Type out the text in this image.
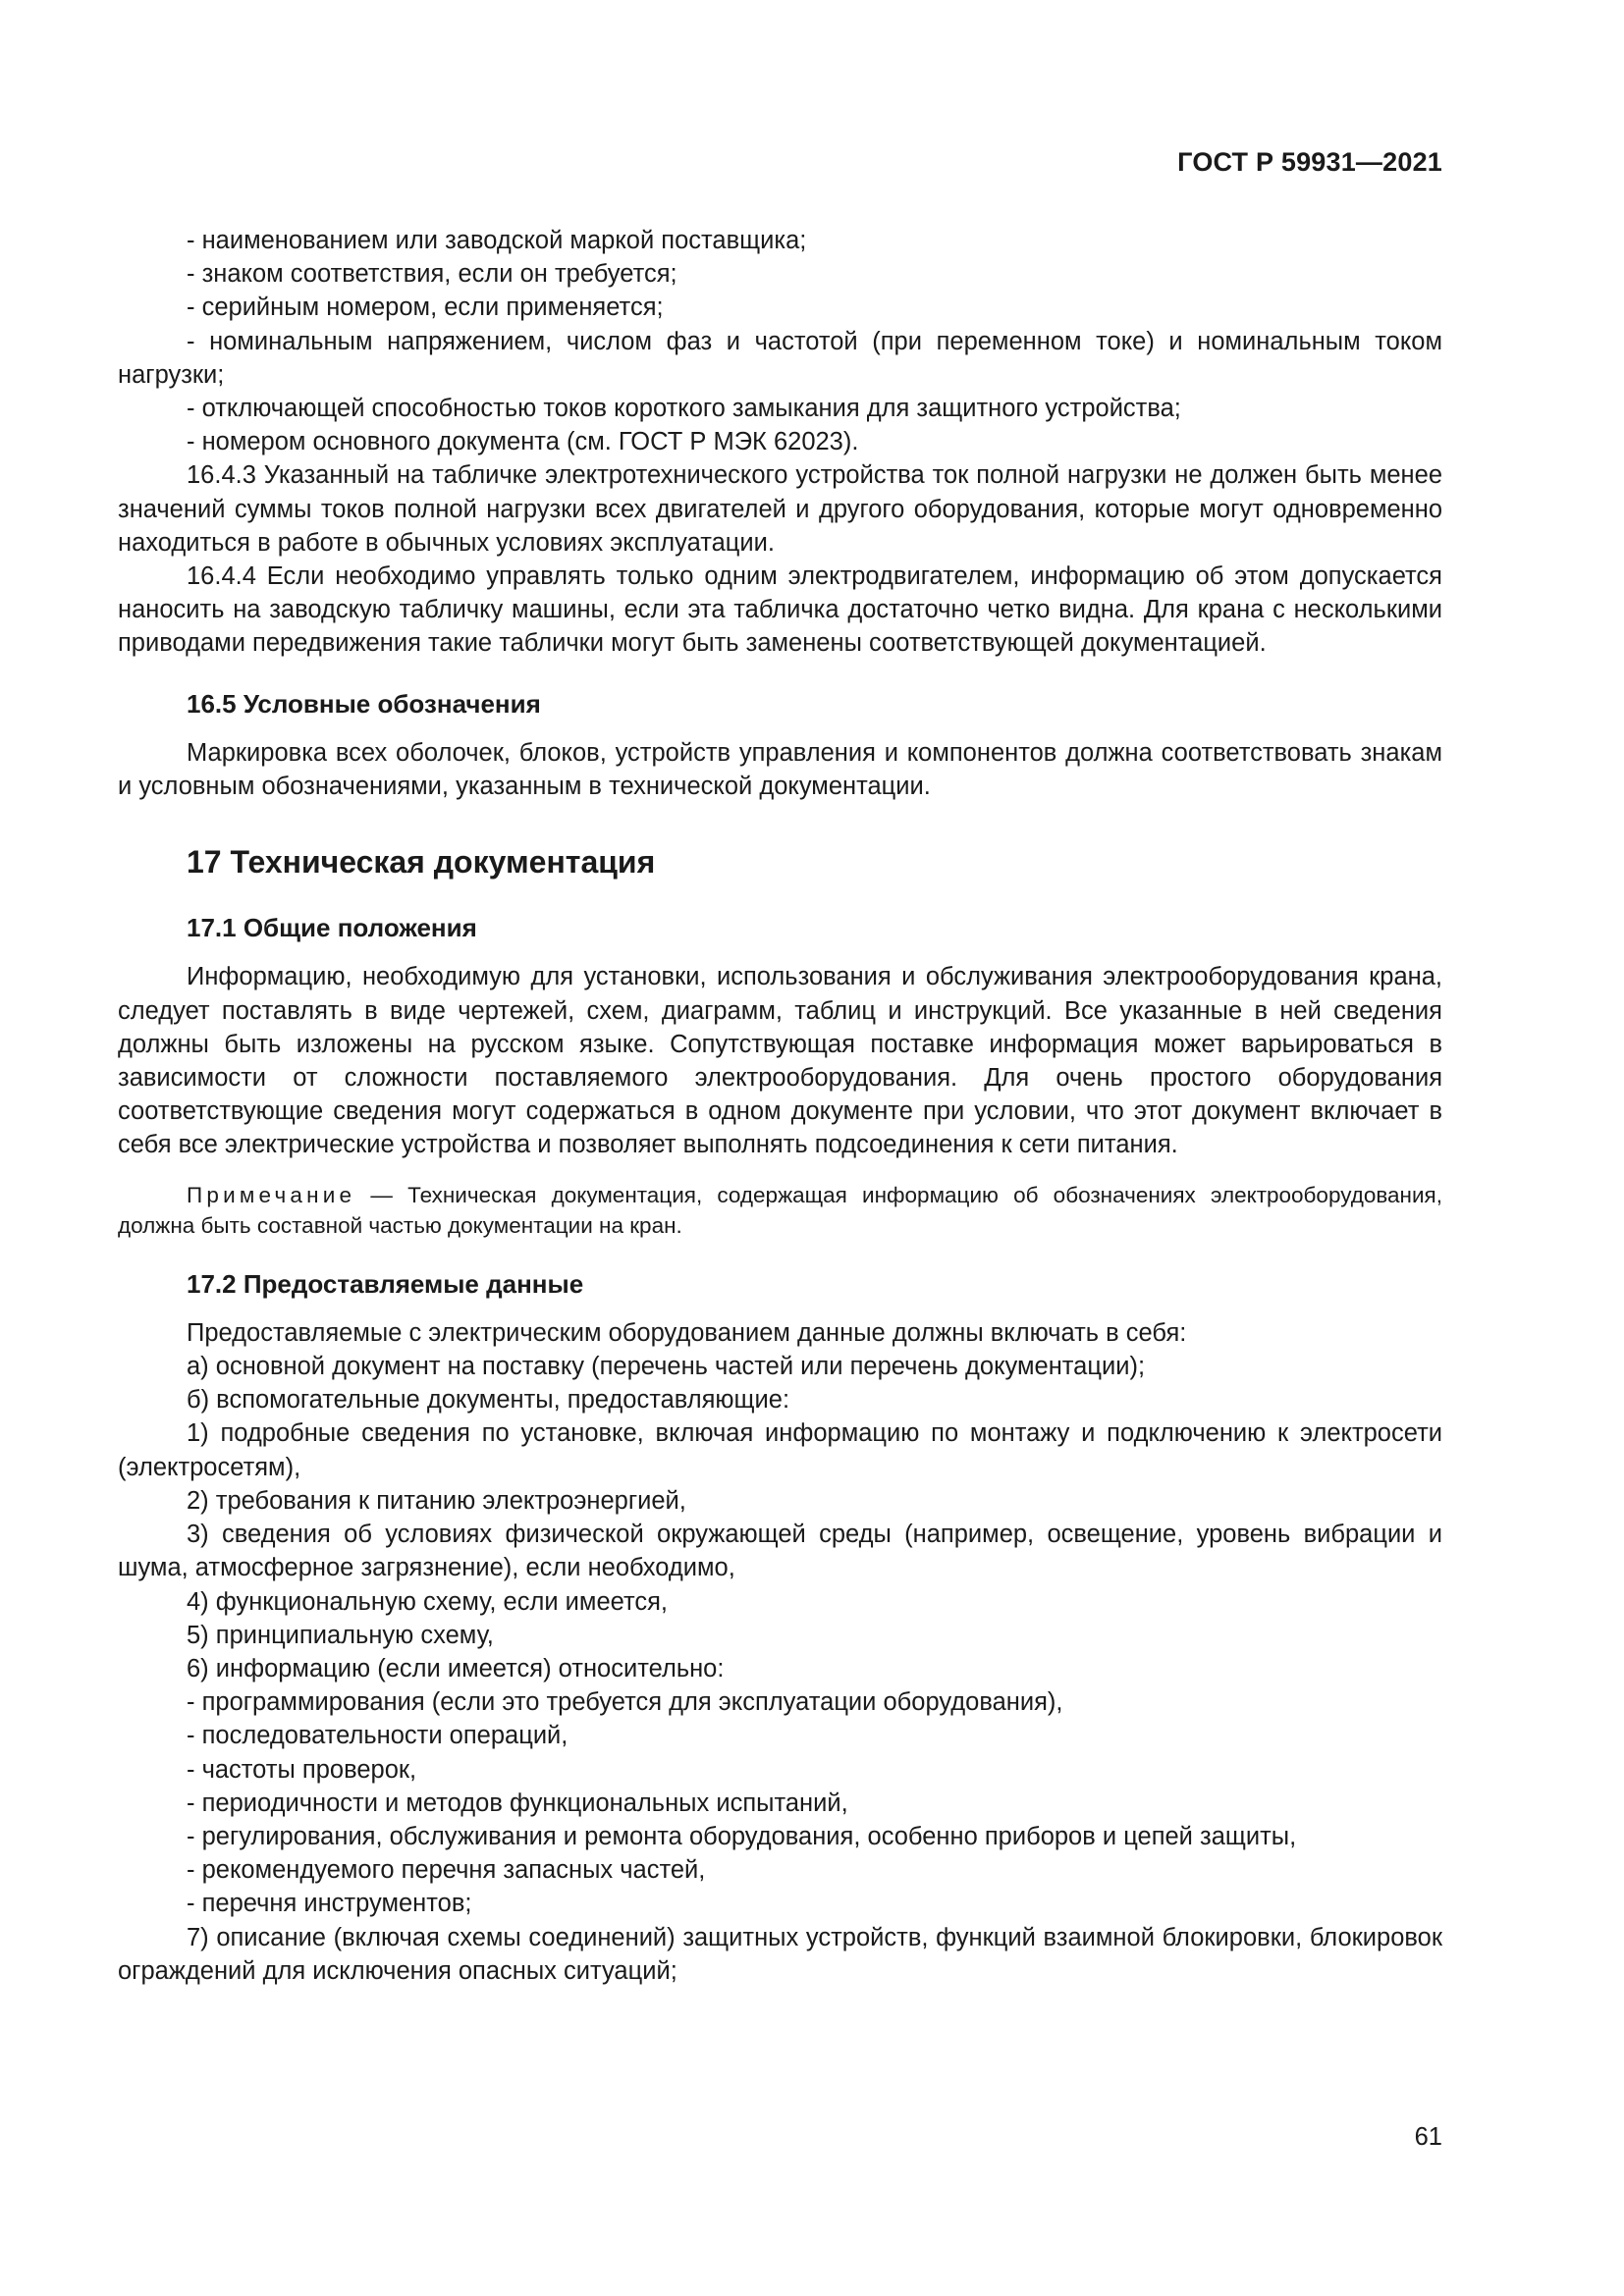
ГОСТ Р 59931—2021

- наименованием или заводской маркой поставщика;

- знаком соответствия, если он требуется;

- серийным номером, если применяется;

- номинальным напряжением, числом фаз и частотой (при переменном токе) и номинальным током нагрузки;

- отключающей способностью токов короткого замыкания для защитного устройства;

- номером основного документа (см. ГОСТ Р МЭК 62023).

16.4.3 Указанный на табличке электротехнического устройства ток полной нагрузки не должен быть менее значений суммы токов полной нагрузки всех двигателей и другого оборудования, которые могут одновременно находиться в работе в обычных условиях эксплуатации.

16.4.4 Если необходимо управлять только одним электродвигателем, информацию об этом допускается наносить на заводскую табличку машины, если эта табличка достаточно четко видна. Для крана с несколькими приводами передвижения такие таблички могут быть заменены соответствующей документацией.

16.5 Условные обозначения

Маркировка всех оболочек, блоков, устройств управления и компонентов должна соответствовать знакам и условным обозначениями, указанным в технической документации.

17 Техническая документация

17.1 Общие положения

Информацию, необходимую для установки, использования и обслуживания электрооборудования крана, следует поставлять в виде чертежей, схем, диаграмм, таблиц и инструкций. Все указанные в ней сведения должны быть изложены на русском языке. Сопутствующая поставке информация может варьироваться в зависимости от сложности поставляемого электрооборудования. Для очень простого оборудования соответствующие сведения могут содержаться в одном документе при условии, что этот документ включает в себя все электрические устройства и позволяет выполнять подсоединения к сети питания.

Примечание — Техническая документация, содержащая информацию об обозначениях электрооборудования, должна быть составной частью документации на кран.

17.2 Предоставляемые данные

Предоставляемые с электрическим оборудованием данные должны включать в себя:

а) основной документ на поставку (перечень частей или перечень документации);

б) вспомогательные документы, предоставляющие:

1) подробные сведения по установке, включая информацию по монтажу и подключению к электросети (электросетям),

2) требования к питанию электроэнергией,

3) сведения об условиях физической окружающей среды (например, освещение, уровень вибрации и шума, атмосферное загрязнение), если необходимо,

4) функциональную схему, если имеется,

5) принципиальную схему,

6) информацию (если имеется) относительно:

- программирования (если это требуется для эксплуатации оборудования),

- последовательности операций,

- частоты проверок,

- периодичности и методов функциональных испытаний,

- регулирования, обслуживания и ремонта оборудования, особенно приборов и цепей защиты,

- рекомендуемого перечня запасных частей,

- перечня инструментов;

7) описание (включая схемы соединений) защитных устройств, функций взаимной блокировки, блокировок ограждений для исключения опасных ситуаций;

61
